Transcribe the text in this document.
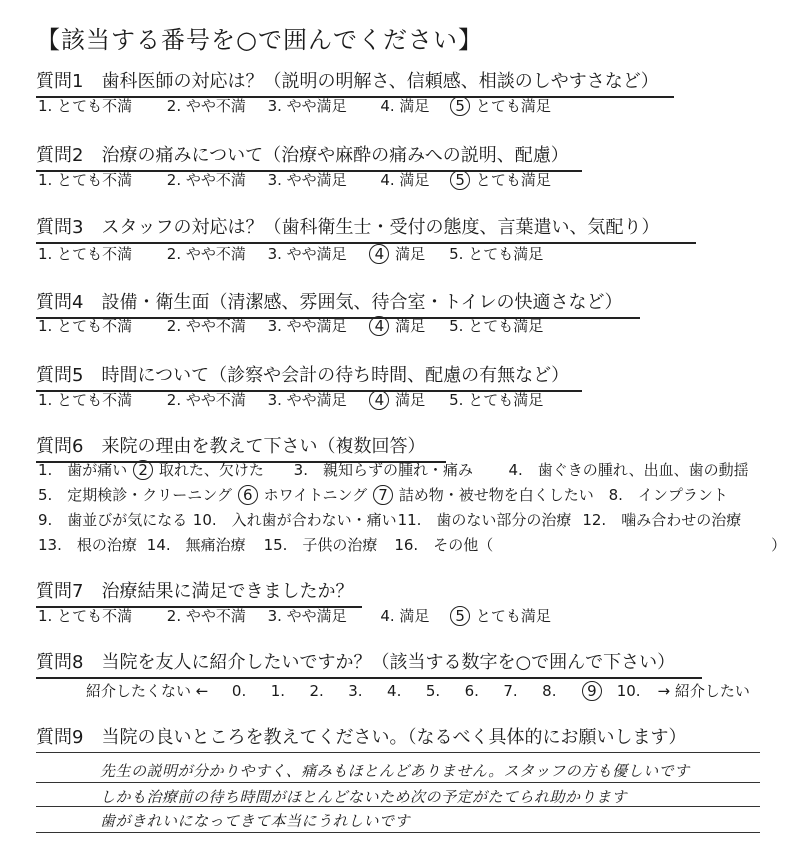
【該当する番号を○で囲んでください】
質問1　歯科医師の対応は？（説明の明解さ、信頼感、相談のしやすさなど）
1. とても不満 2. やや不満 3. やや満足 4. 満足 5 とても満足
質問2　治療の痛みについて（治療や麻酔の痛みへの説明、配慮）
1. とても不満 2. やや不満 3. やや満足 4. 満足 5 とても満足
質問3　スタッフの対応は？（歯科衛生士・受付の態度、言葉遣い、気配り）
1. とても不満 2. やや不満 3. やや満足 4 満足 5. とても満足
質問4　設備・衛生面（清潔感、雰囲気、待合室・トイレの快適さなど）
1. とても不満 2. やや不満 3. やや満足 4 満足 5. とても満足
質問5　時間について（診察や会計の待ち時間、配慮の有無など）
1. とても不満 2. やや不満 3. やや満足 4 満足 5. とても満足
質問6　来院の理由を教えて下さい（複数回答）
1.　歯が痛い 2 取れた、欠けた 3.　親知らずの腫れ・痛み 4.　歯ぐきの腫れ、出血、歯の動揺
5.　定期検診・クリーニング 6 ホワイトニング 7 詰め物・被せ物を白くしたい 8.　インプラント
9.　歯並びが気になる 10.　入れ歯が合わない・痛い 11.　歯のない部分の治療 12.　噛み合わせの治療
13.　根の治療 14.　無痛治療 15.　子供の治療 16.　その他（	）
質問7　治療結果に満足できましたか？
1. とても不満 2. やや不満 3. やや満足 4. 満足 5 とても満足
質問8　当院を友人に紹介したいですか？（該当する数字を○で囲んで下さい）
紹介したくない ← 0. 1. 2. 3. 4. 5. 6. 7. 8. 9 10. → 紹介したい
質問9　当院の良いところを教えてください。（なるべく具体的にお願いします）
先生の説明が分かりやすく、痛みもほとんどありません。スタッフの方も優しいです
しかも治療前の待ち時間がほとんどないため次の予定がたてられ助かります
歯がきれいになってきて本当にうれしいです
